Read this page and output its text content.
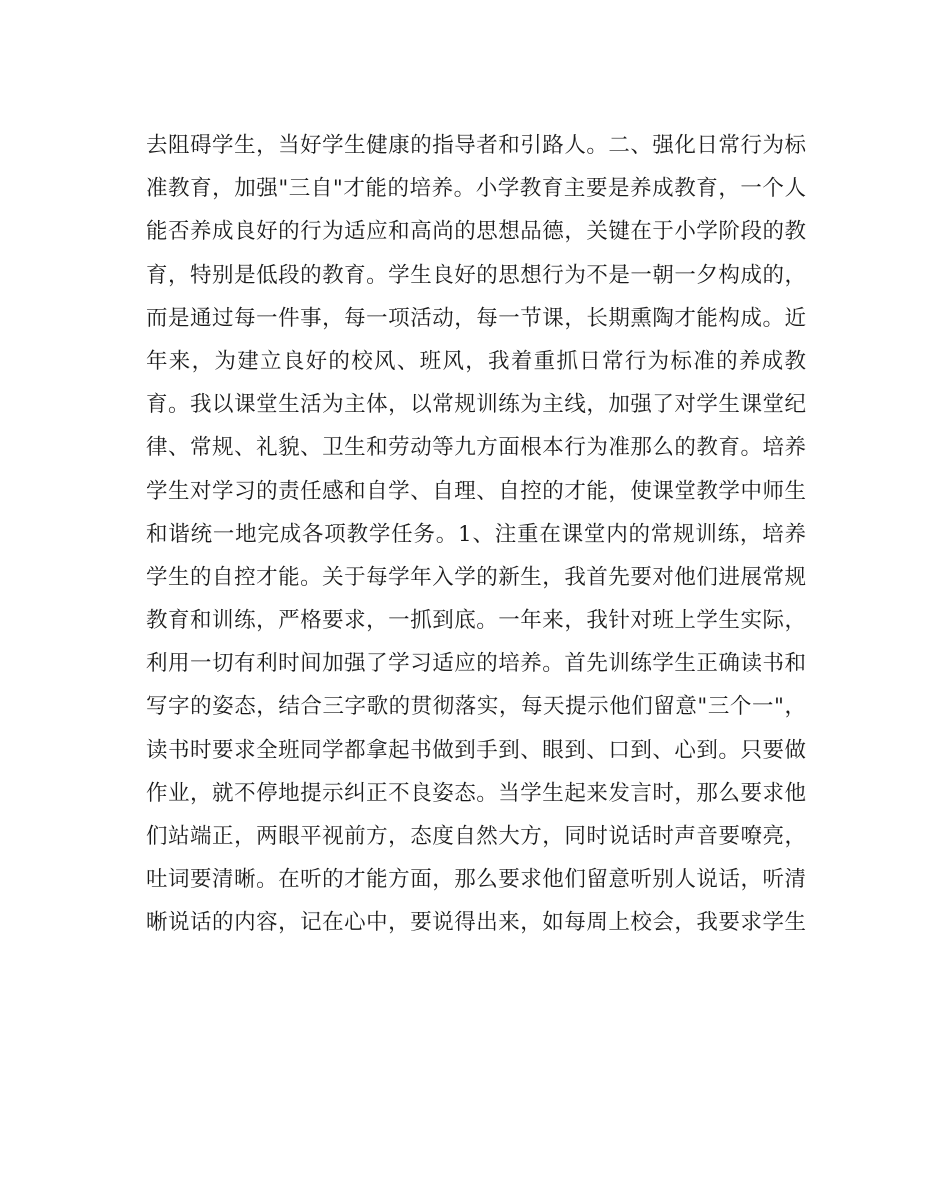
去阻碍学生，当好学生健康的指导者和引路人。二、强化日常行为标
准教育，加强"三自"才能的培养。小学教育主要是养成教育，一个人
能否养成良好的行为适应和高尚的思想品德，关键在于小学阶段的教
育，特别是低段的教育。学生良好的思想行为不是一朝一夕构成的，
而是通过每一件事，每一项活动，每一节课，长期熏陶才能构成。近
年来，为建立良好的校风、班风，我着重抓日常行为标准的养成教
育。我以课堂生活为主体，以常规训练为主线，加强了对学生课堂纪
律、常规、礼貌、卫生和劳动等九方面根本行为准那么的教育。培养
学生对学习的责任感和自学、自理、自控的才能，使课堂教学中师生
和谐统一地完成各项教学任务。1、注重在课堂内的常规训练，培养
学生的自控才能。关于每学年入学的新生，我首先要对他们进展常规
教育和训练，严格要求，一抓到底。一年来，我针对班上学生实际，
利用一切有利时间加强了学习适应的培养。首先训练学生正确读书和
写字的姿态，结合三字歌的贯彻落实，每天提示他们留意"三个一"，
读书时要求全班同学都拿起书做到手到、眼到、口到、心到。只要做
作业，就不停地提示纠正不良姿态。当学生起来发言时，那么要求他
们站端正，两眼平视前方，态度自然大方，同时说话时声音要嘹亮，
吐词要清晰。在听的才能方面，那么要求他们留意听别人说话，听清
晰说话的内容，记在心中，要说得出来，如每周上校会，我要求学生
